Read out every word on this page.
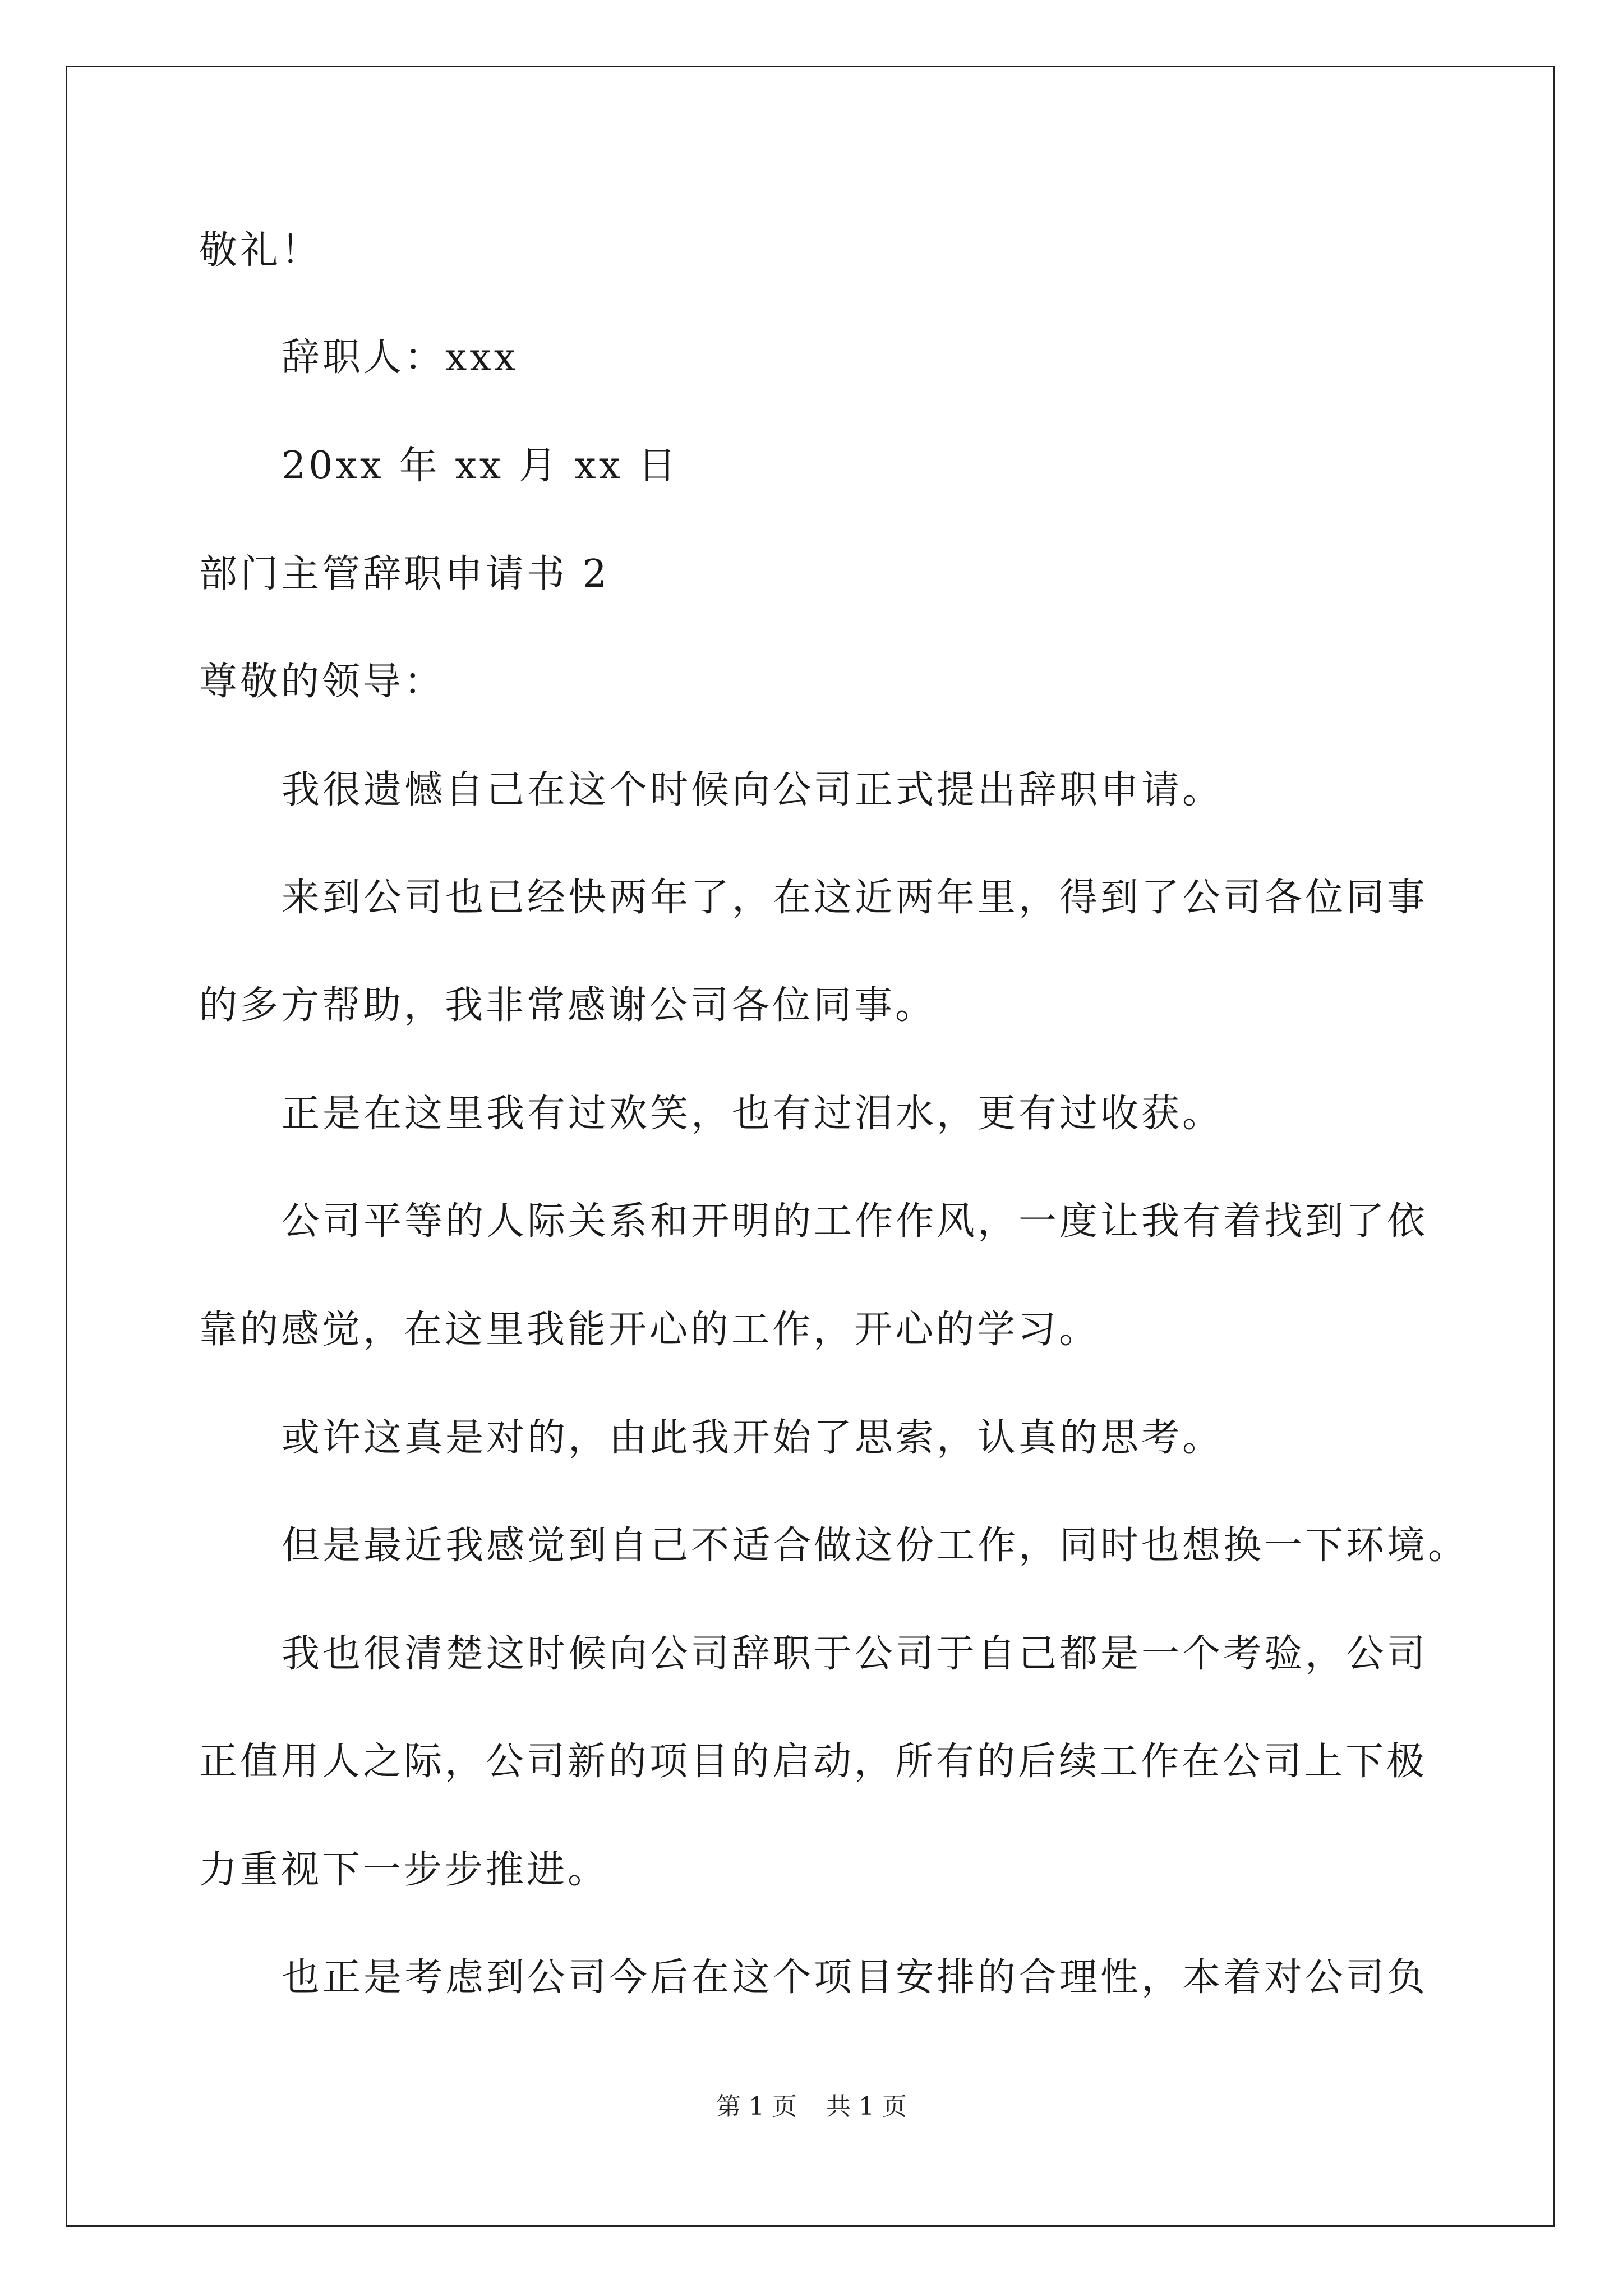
敬礼！
辞职人：xxx
20xx 年 xx 月 xx 日
部门主管辞职申请书 2
尊敬的领导：
我很遗憾自己在这个时候向公司正式提出辞职申请。
来到公司也已经快两年了，在这近两年里，得到了公司各位同事
的多方帮助，我非常感谢公司各位同事。
正是在这里我有过欢笑，也有过泪水，更有过收获。
公司平等的人际关系和开明的工作作风，一度让我有着找到了依
靠的感觉，在这里我能开心的工作，开心的学习。
或许这真是对的，由此我开始了思索，认真的思考。
但是最近我感觉到自己不适合做这份工作，同时也想换一下环境。
我也很清楚这时候向公司辞职于公司于自己都是一个考验，公司
正值用人之际，公司新的项目的启动，所有的后续工作在公司上下极
力重视下一步步推进。
也正是考虑到公司今后在这个项目安排的合理性，本着对公司负
第 1 页 共 1 页
